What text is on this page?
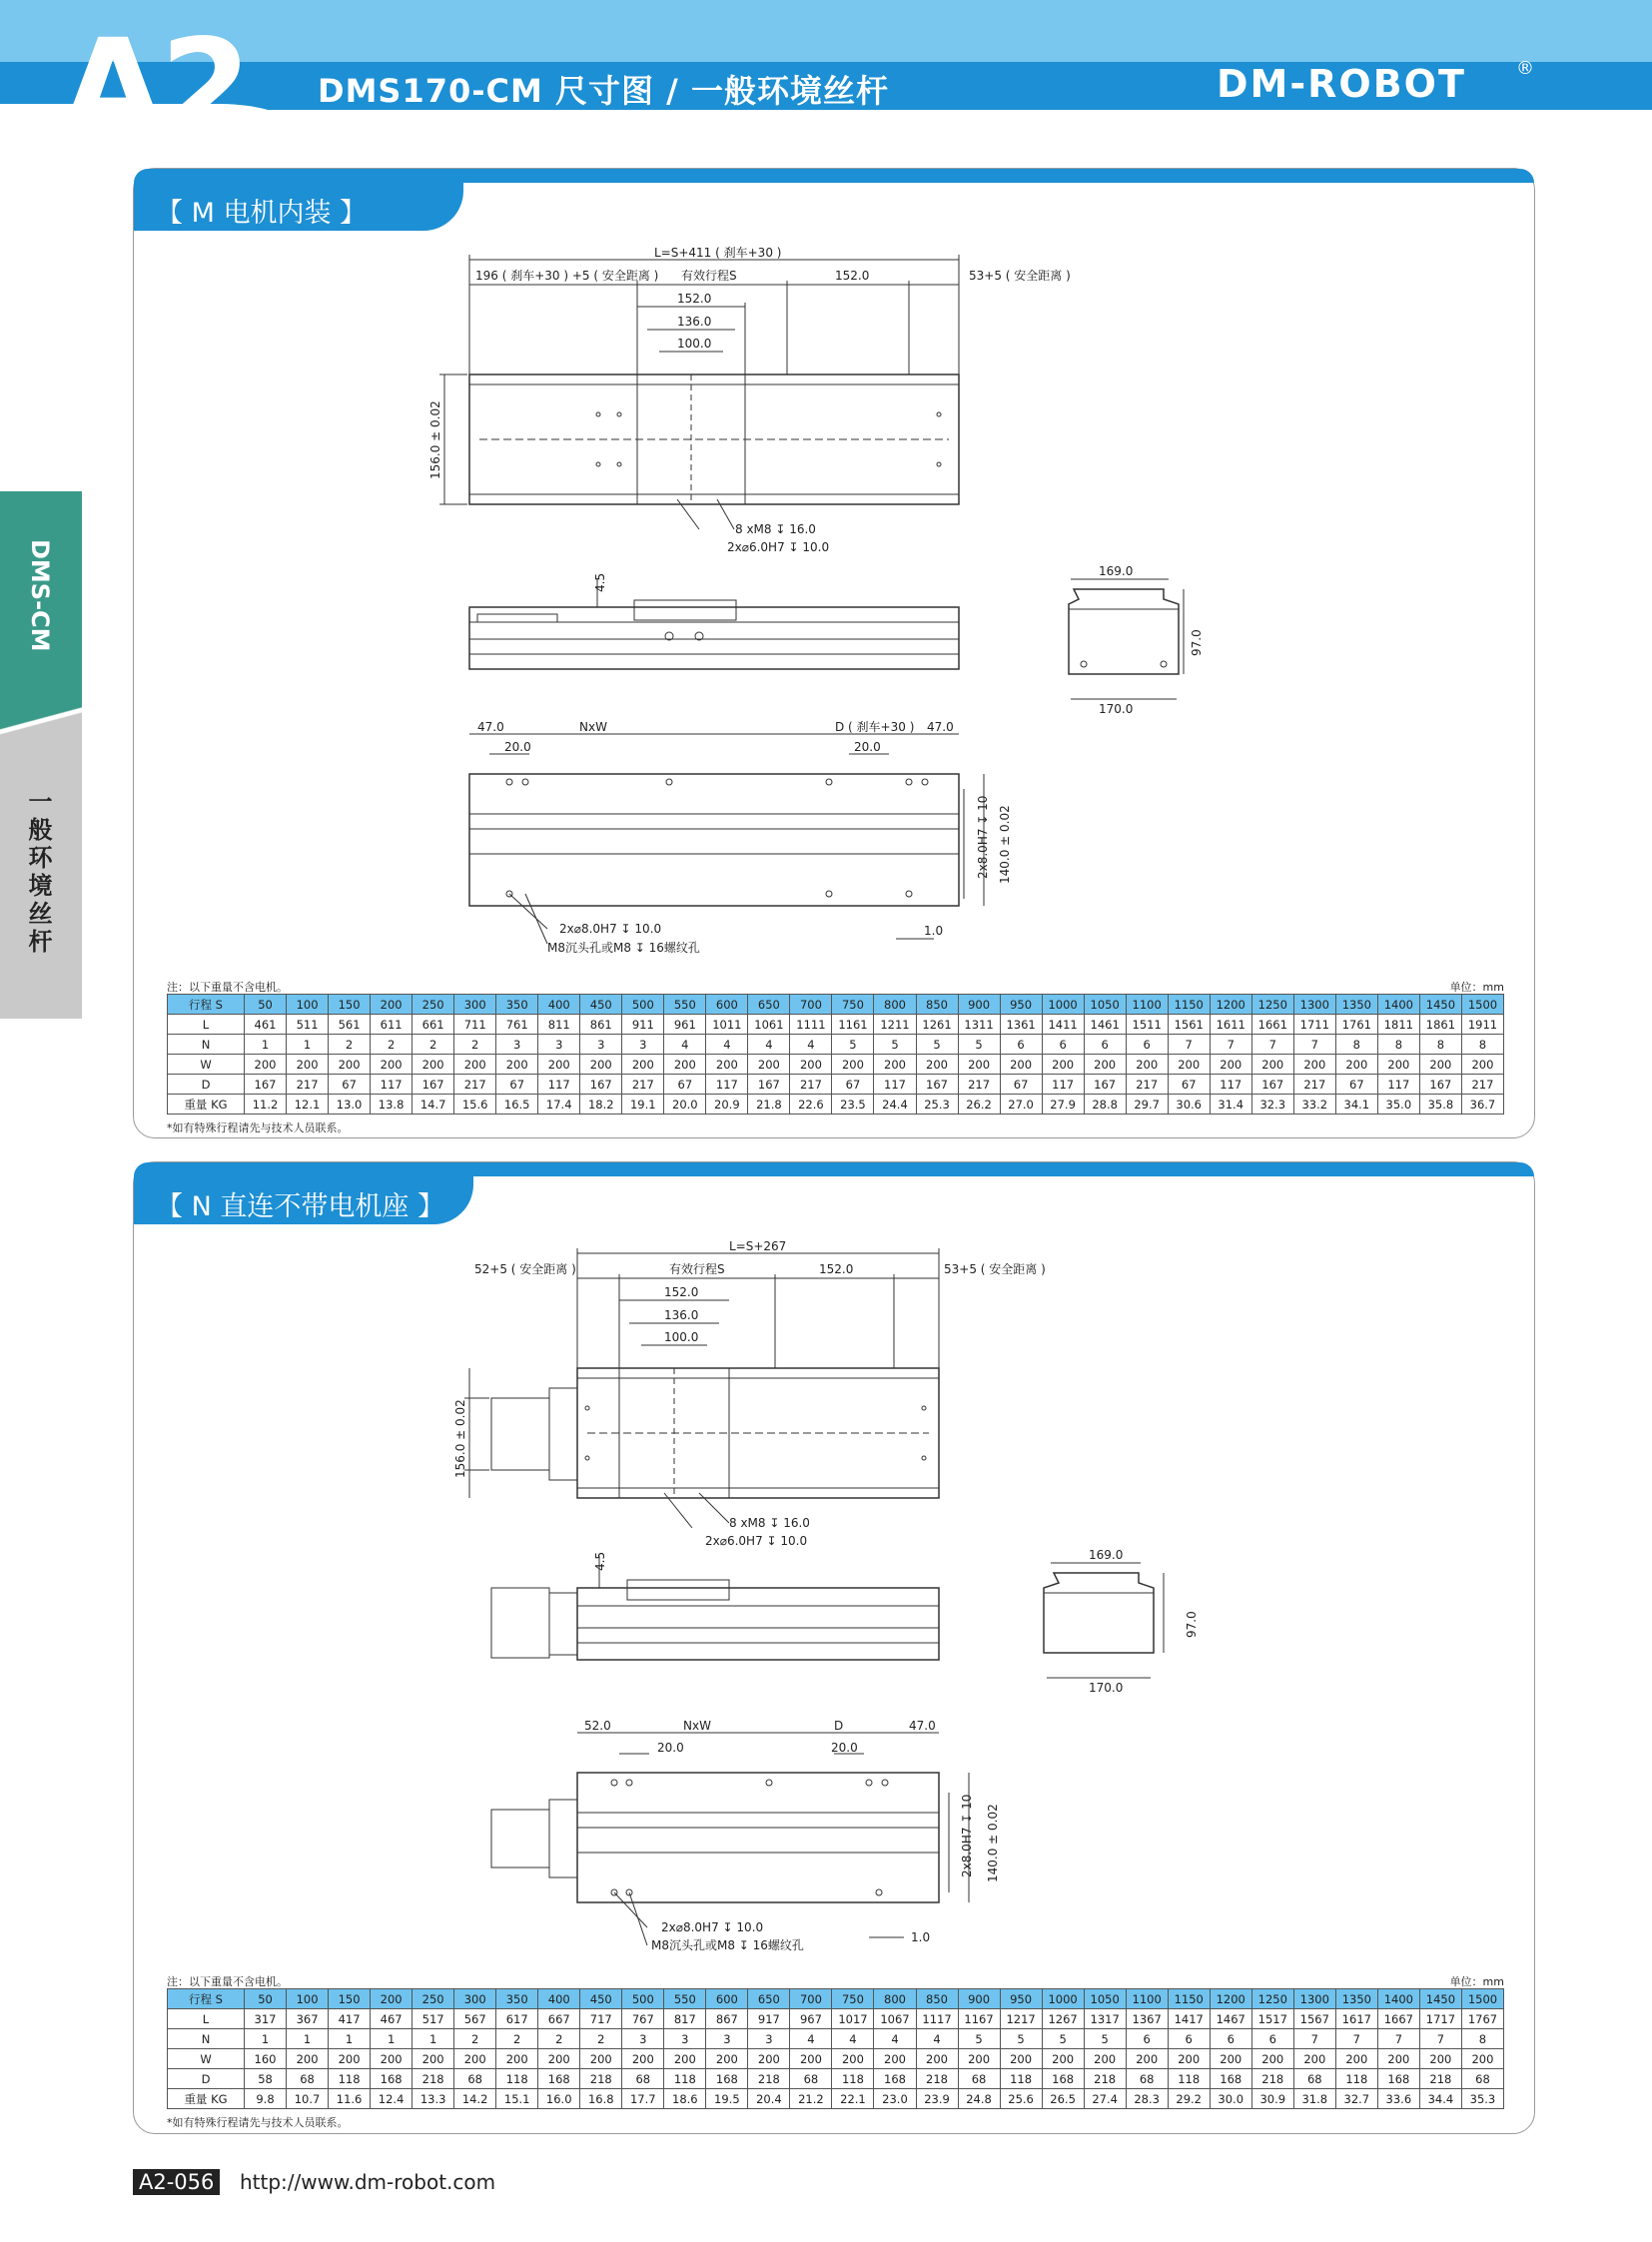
A2 DMS170-CM 尺寸图 / 一般环境丝杆	DM-ROBOT	®
DMS-CM
一般环境丝杆
【 M 电机内装 】
L=S+411 ( 刹车+30 )
196 ( 刹车+30 ) +5 ( 安全距离 ) 有效行程S	152.0	53+5 ( 安全距离 )
152.0
136.0
100.0
156.0 ± 0.02
8 xM8 ↧ 16.0
2x⌀6.0H7 ↧ 10.0
4.5
169.0
97.0
170.0
47.0	NxW	D ( 刹车+30 ) 47.0
20.0	20.0
2x8.0H7 ↧ 10 140.0 ± 0.02
2x⌀8.0H7 ↧ 10.0
M8沉头孔或M8 ↧ 16螺纹孔
1.0
注：以下重量不含电机。	单位：mm
行程 S	50	100	150	200	250	300	350	400	450	500	550	600	650	700	750	800	850	900	950	1000	1050	1100	1150	1200	1250	1300	1350	1400	1450	1500
L	461	511	561	611	661	711	761	811	861	911	961	1011	1061	1111	1161	1211	1261	1311	1361	1411	1461	1511	1561	1611	1661	1711	1761	1811	1861	1911
N	1	1	2	2	2	2	3	3	3	3	4	4	4	4	5	5	5	5	6	6	6	6	7	7	7	7	8	8	8	8
W	200	200	200	200	200	200	200	200	200	200	200	200	200	200	200	200	200	200	200	200	200	200	200	200	200	200	200	200	200	200
D	167	217	67	117	167	217	67	117	167	217	67	117	167	217	67	117	167	217	67	117	167	217	67	117	167	217	67	117	167	217
重量 KG	11.2	12.1	13.0	13.8	14.7	15.6	16.5	17.4	18.2	19.1	20.0	20.9	21.8	22.6	23.5	24.4	25.3	26.2	27.0	27.9	28.8	29.7	30.6	31.4	32.3	33.2	34.1	35.0	35.8	36.7
*如有特殊行程请先与技术人员联系。
【 N 直连不带电机座 】
L=S+267
52+5 ( 安全距离 )	有效行程S	152.0	53+5 ( 安全距离 )
152.0
136.0
100.0
156.0 ± 0.02
8 xM8 ↧ 16.0
2x⌀6.0H7 ↧ 10.0
4.5	169.0
97.0
170.0
52.0	NxW	D	47.0
20.0	20.0
2x8.0H7 ↧ 10 140.0 ± 0.02
2x⌀8.0H7 ↧ 10.0
M8沉头孔或M8 ↧ 16螺纹孔
1.0
注：以下重量不含电机。	单位：mm
行程 S	50	100	150	200	250	300	350	400	450	500	550	600	650	700	750	800	850	900	950	1000	1050	1100	1150	1200	1250	1300	1350	1400	1450	1500
L	317	367	417	467	517	567	617	667	717	767	817	867	917	967	1017	1067	1117	1167	1217	1267	1317	1367	1417	1467	1517	1567	1617	1667	1717	1767
N	1	1	1	1	1	2	2	2	2	3	3	3	3	4	4	4	4	5	5	5	5	6	6	6	6	7	7	7	7	8
W	160	200	200	200	200	200	200	200	200	200	200	200	200	200	200	200	200	200	200	200	200	200	200	200	200	200	200	200	200	200
D	58	68	118	168	218	68	118	168	218	68	118	168	218	68	118	168	218	68	118	168	218	68	118	168	218	68	118	168	218	68
重量 KG	9.8	10.7	11.6	12.4	13.3	14.2	15.1	16.0	16.8	17.7	18.6	19.5	20.4	21.2	22.1	23.0	23.9	24.8	25.6	26.5	27.4	28.3	29.2	30.0	30.9	31.8	32.7	33.6	34.4	35.3
*如有特殊行程请先与技术人员联系。
A2-056	http://www.dm-robot.com
